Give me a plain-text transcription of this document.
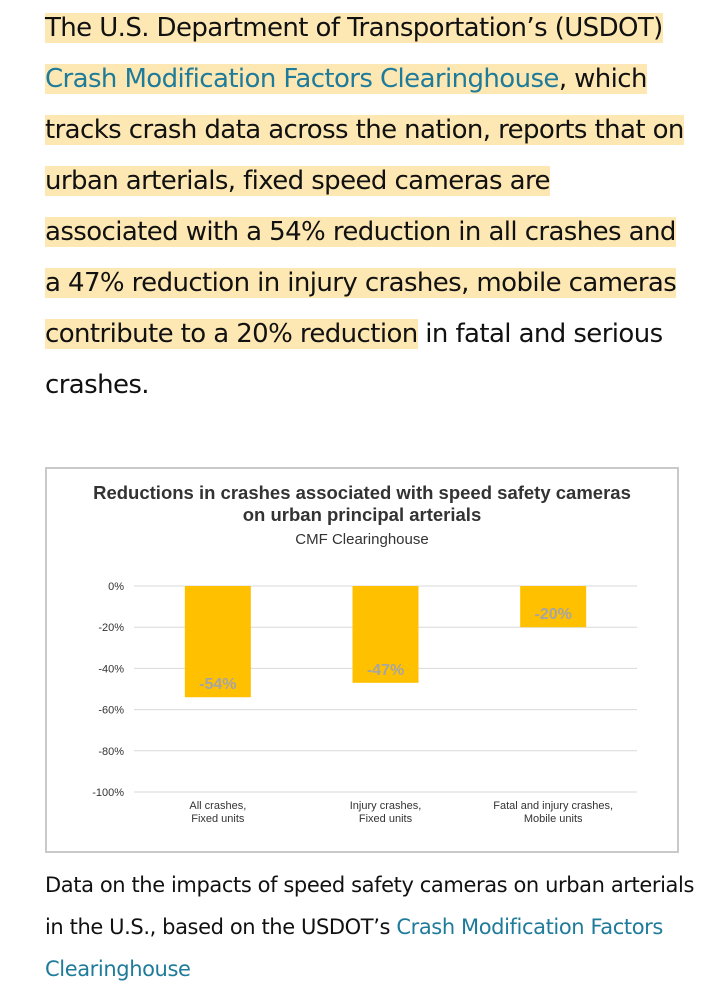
The U.S. Department of Transportation’s (USDOT) Crash Modification Factors Clearinghouse, which tracks crash data across the nation, reports that on urban arterials, fixed speed cameras are associated with a 54% reduction in all crashes and a 47% reduction in injury crashes, mobile cameras contribute to a 20% reduction in fatal and serious crashes.

Reductions in crashes associated with speed safety cameras
on urban principal arterials
CMF Clearinghouse
0%
-20%
-40%
-60%
-80%
-100%
-54%
All crashes,
Fixed units
-47%
Injury crashes,
Fixed units
-20%
Fatal and injury crashes,
Mobile units

Data on the impacts of speed safety cameras on urban arterials in the U.S., based on the USDOT’s Crash Modification Factors Clearinghouse
